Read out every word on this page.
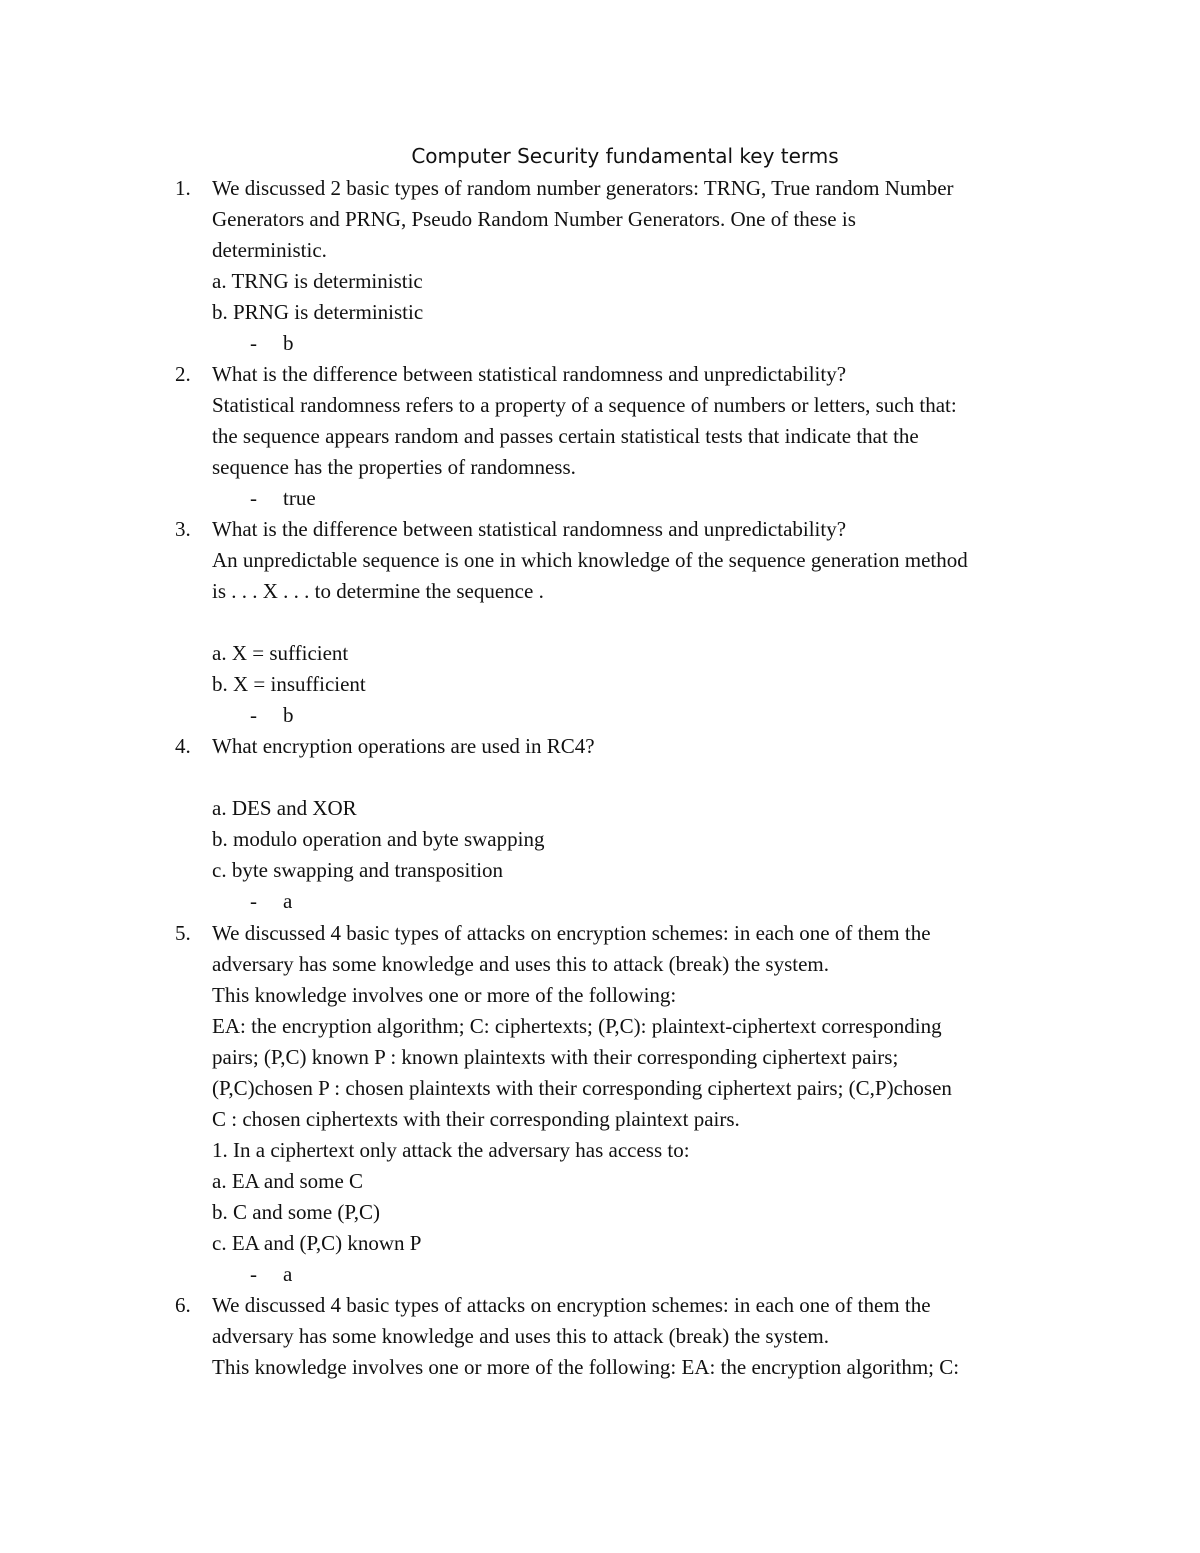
Computer Security fundamental key terms
1. We discussed 2 basic types of random number generators: TRNG, True random Number
Generators and PRNG, Pseudo Random Number Generators. One of these is
deterministic.
a. TRNG is deterministic
b. PRNG is deterministic
- b
2. What is the difference between statistical randomness and unpredictability?
Statistical randomness refers to a property of a sequence of numbers or letters, such that:
the sequence appears random and passes certain statistical tests that indicate that the
sequence has the properties of randomness.
- true
3. What is the difference between statistical randomness and unpredictability?
An unpredictable sequence is one in which knowledge of the sequence generation method
is . . . X . . . to determine the sequence .
a. X = sufficient
b. X = insufficient
- b
4. What encryption operations are used in RC4?
a. DES and XOR
b. modulo operation and byte swapping
c. byte swapping and transposition
- a
5. We discussed 4 basic types of attacks on encryption schemes: in each one of them the
adversary has some knowledge and uses this to attack (break) the system.
This knowledge involves one or more of the following:
EA: the encryption algorithm; C: ciphertexts; (P,C): plaintext-ciphertext corresponding
pairs; (P,C) known P : known plaintexts with their corresponding ciphertext pairs;
(P,C)chosen P : chosen plaintexts with their corresponding ciphertext pairs; (C,P)chosen
C : chosen ciphertexts with their corresponding plaintext pairs.
1. In a ciphertext only attack the adversary has access to:
a. EA and some C
b. C and some (P,C)
c. EA and (P,C) known P
- a
6. We discussed 4 basic types of attacks on encryption schemes: in each one of them the
adversary has some knowledge and uses this to attack (break) the system.
This knowledge involves one or more of the following: EA: the encryption algorithm; C:
